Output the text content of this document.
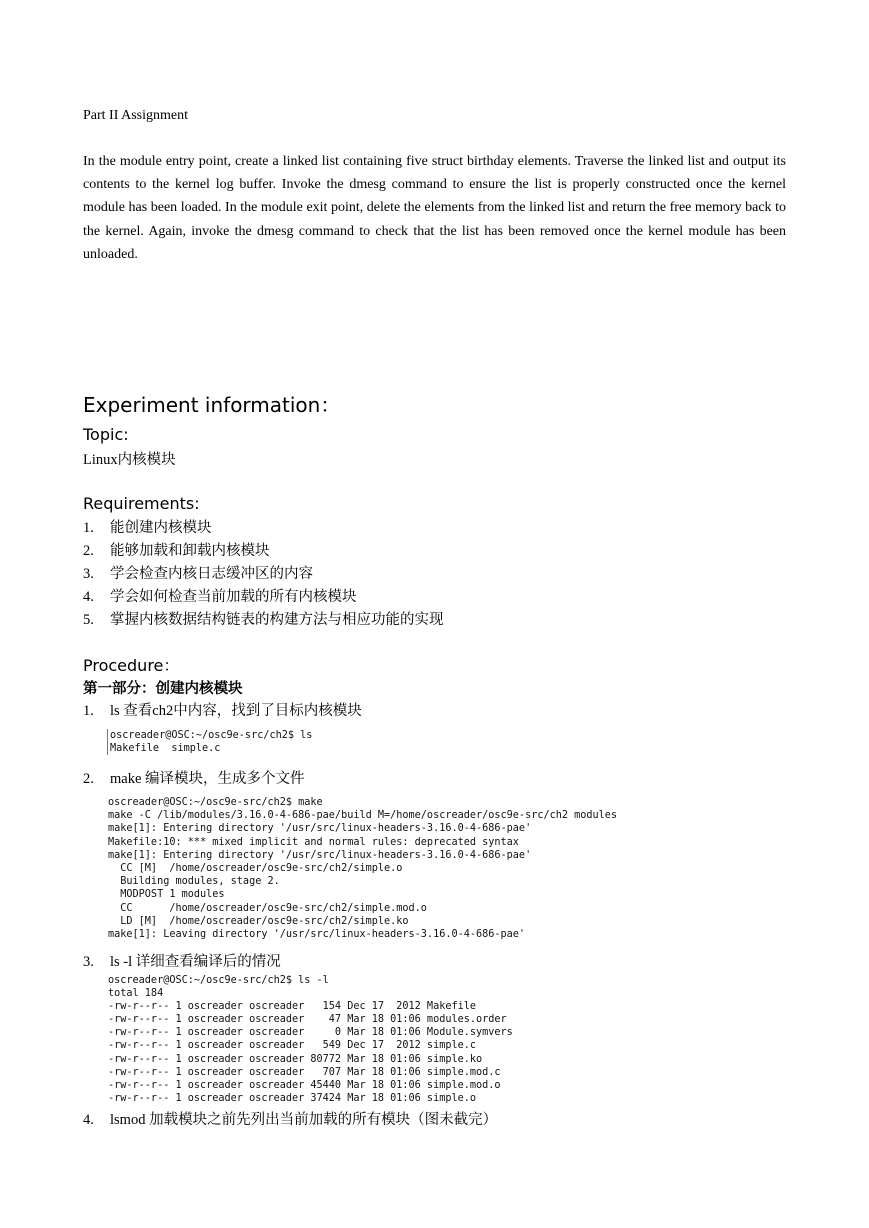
Part II Assignment
In the module entry point, create a linked list containing five struct birthday elements. Traverse the linked list and output its contents to the kernel log buffer. Invoke the dmesg command to ensure the list is properly constructed once the kernel module has been loaded. In the module exit point, delete the elements from the linked list and return the free memory back to the kernel. Again, invoke the dmesg command to check that the list has been removed once the kernel module has been unloaded.
Experiment information：
Topic:
Linux内核模块
Requirements:
1. 能创建内核模块
2. 能够加载和卸载内核模块
3. 学会检查内核日志缓冲区的内容
4. 学会如何检查当前加载的所有内核模块
5. 掌握内核数据结构链表的构建方法与相应功能的实现
Procedure：
第一部分：创建内核模块
1. ls 查看ch2中内容，找到了目标内核模块
oscreader@OSC:~/osc9e-src/ch2$ ls
Makefile  simple.c
2. make 编译模块，生成多个文件
oscreader@OSC:~/osc9e-src/ch2$ make
make -C /lib/modules/3.16.0-4-686-pae/build M=/home/oscreader/osc9e-src/ch2 modules
make[1]: Entering directory '/usr/src/linux-headers-3.16.0-4-686-pae'
Makefile:10: *** mixed implicit and normal rules: deprecated syntax
make[1]: Entering directory '/usr/src/linux-headers-3.16.0-4-686-pae'
CC [M]  /home/oscreader/osc9e-src/ch2/simple.o
Building modules, stage 2.
MODPOST 1 modules
CC      /home/oscreader/osc9e-src/ch2/simple.mod.o
LD [M]  /home/oscreader/osc9e-src/ch2/simple.ko
make[1]: Leaving directory '/usr/src/linux-headers-3.16.0-4-686-pae'
3. ls -l 详细查看编译后的情况
oscreader@OSC:~/osc9e-src/ch2$ ls -l
total 184
-rw-r--r-- 1 oscreader oscreader   154 Dec 17  2012 Makefile
-rw-r--r-- 1 oscreader oscreader    47 Mar 18 01:06 modules.order
-rw-r--r-- 1 oscreader oscreader     0 Mar 18 01:06 Module.symvers
-rw-r--r-- 1 oscreader oscreader   549 Dec 17  2012 simple.c
-rw-r--r-- 1 oscreader oscreader 80772 Mar 18 01:06 simple.ko
-rw-r--r-- 1 oscreader oscreader   707 Mar 18 01:06 simple.mod.c
-rw-r--r-- 1 oscreader oscreader 45440 Mar 18 01:06 simple.mod.o
-rw-r--r-- 1 oscreader oscreader 37424 Mar 18 01:06 simple.o
4. lsmod 加载模块之前先列出当前加载的所有模块（图未截完）
